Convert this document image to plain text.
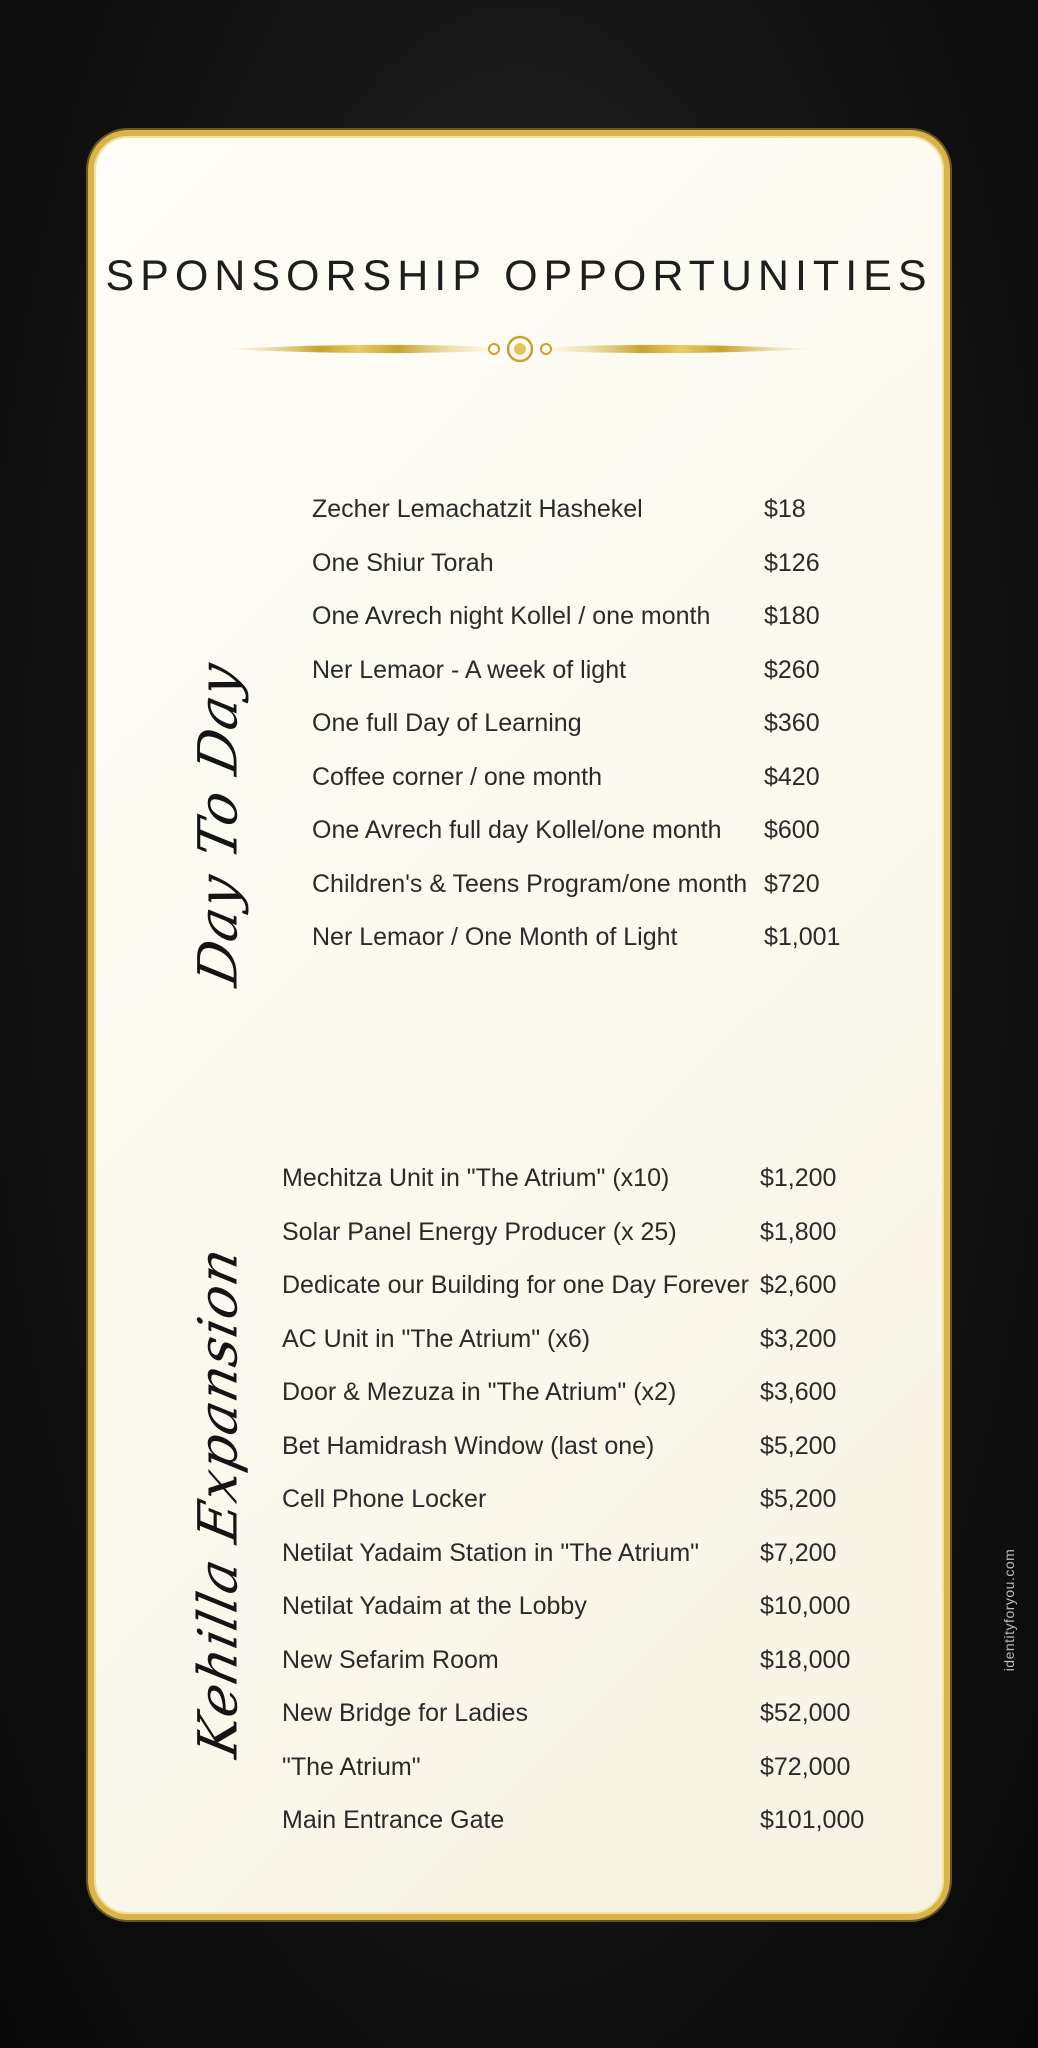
SPONSORSHIP OPPORTUNITIES
Day To Day
Zecher Lemachatzit Hashekel	$18
One Shiur Torah	$126
One Avrech night Kollel / one month	$180
Ner Lemaor - A week of light	$260
One full Day of Learning	$360
Coffee corner / one month	$420
One Avrech full day Kollel/one month	$600
Children's & Teens Program/one month $720
Ner Lemaor / One Month of Light	$1,001
Kehilla Expansion
Mechitza Unit in "The Atrium" (x10)	$1,200
Solar Panel Energy Producer (x 25)	$1,800
Dedicate our Building for one Day Forever $2,600
AC Unit in "The Atrium" (x6)	$3,200
Door & Mezuza in "The Atrium" (x2)	$3,600
Bet Hamidrash Window (last one)	$5,200
Cell Phone Locker	$5,200
Netilat Yadaim Station in "The Atrium"	$7,200
Netilat Yadaim at the Lobby	$10,000
New Sefarim Room	$18,000
New Bridge for Ladies	$52,000
"The Atrium"	$72,000
Main Entrance Gate	$101,000
identityforyou.com
